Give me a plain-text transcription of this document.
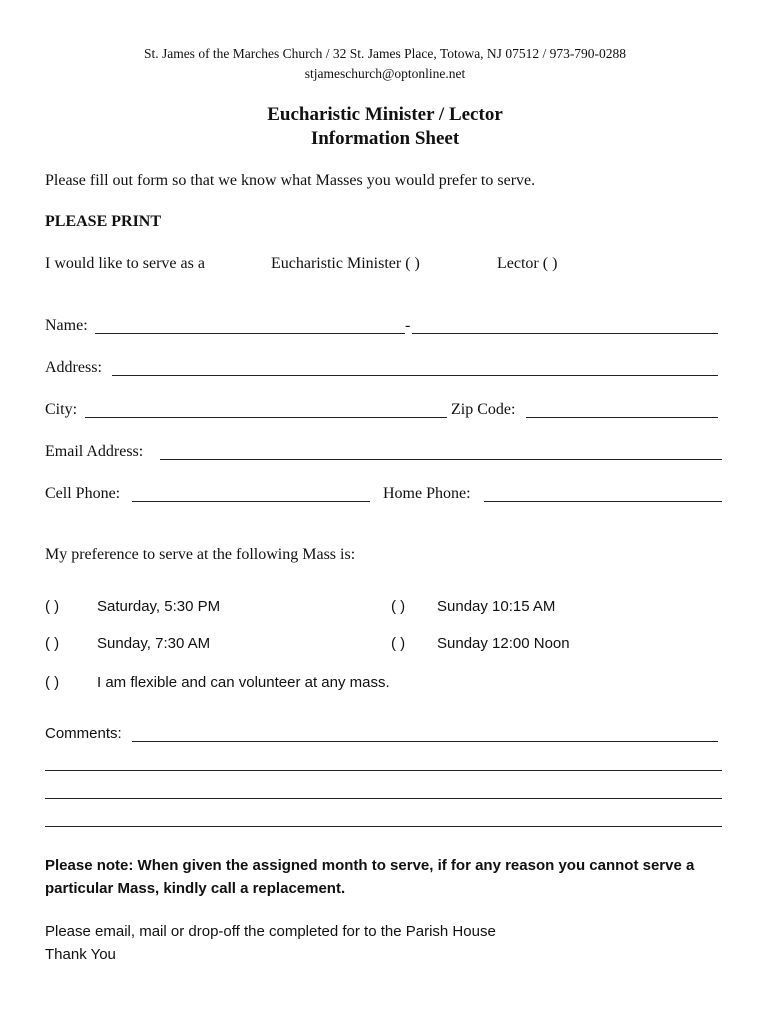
St. James of the Marches Church / 32 St. James Place, Totowa, NJ 07512 / 973-790-0288
stjameschurch@optonline.net
Eucharistic Minister / Lector
Information Sheet
Please fill out form so that we know what Masses you would prefer to serve.
PLEASE PRINT
I would like to serve as a	Eucharistic Minister ( )	Lector ( )
Name:	-
Address:
City:	Zip Code:
Email Address:
Cell Phone:	Home Phone:
My preference to serve at the following Mass is:
( )	Saturday, 5:30 PM	( ) Sunday 10:15 AM
( )	Sunday, 7:30 AM	( ) Sunday 12:00 Noon
( )	I am flexible and can volunteer at any mass.
Comments:
Please note: When given the assigned month to serve, if for any reason you cannot serve a
particular Mass, kindly call a replacement.
Please email, mail or drop-off the completed for to the Parish House
Thank You
